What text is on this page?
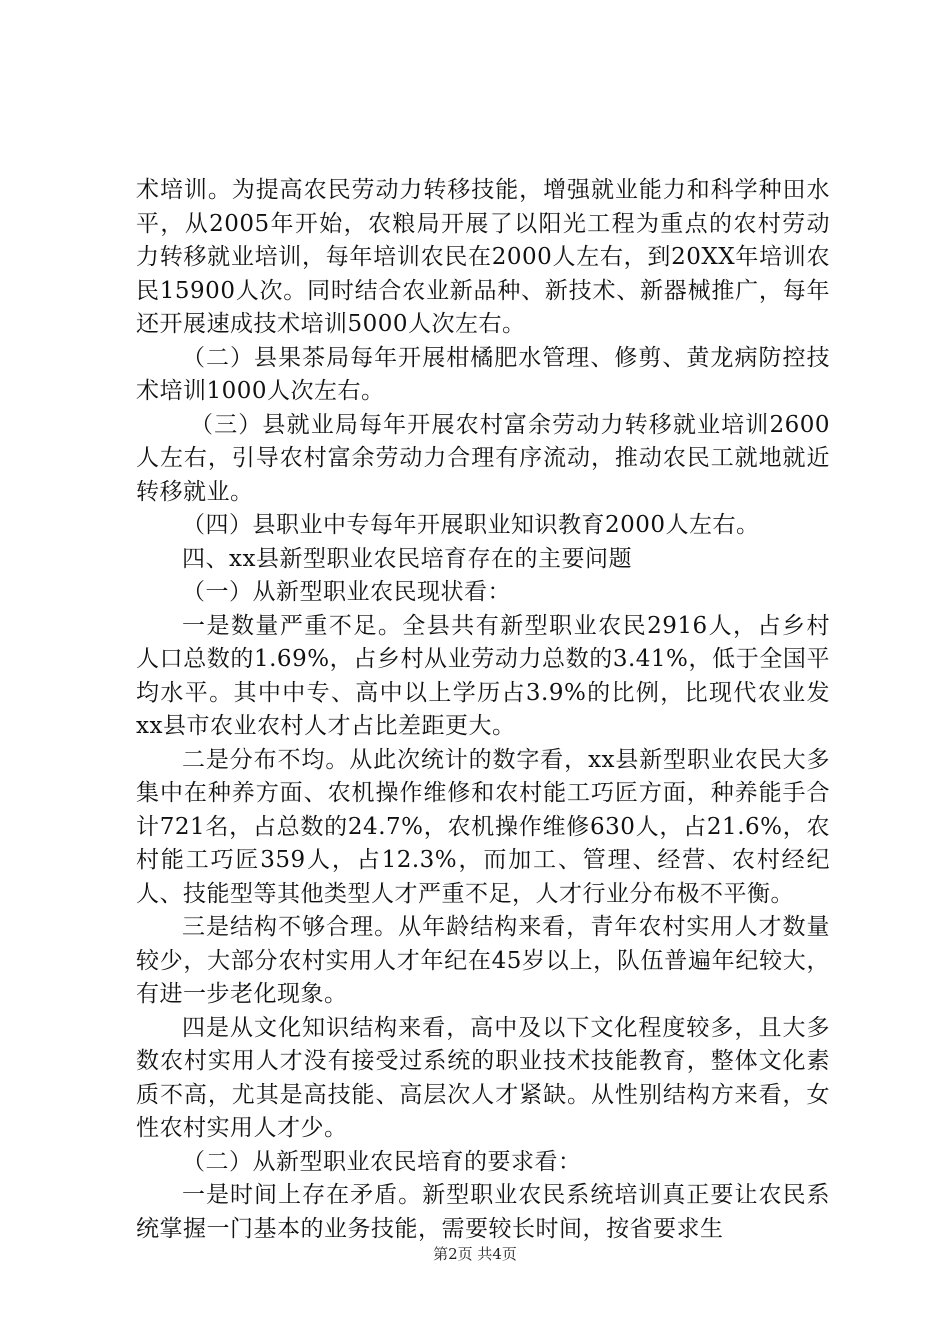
术培训。为提高农民劳动力转移技能，增强就业能力和科学种田水平，从2005年开始，农粮局开展了以阳光工程为重点的农村劳动力转移就业培训，每年培训农民在2000人左右，到20XX年培训农民15900人次。同时结合农业新品种、新技术、新器械推广，每年还开展速成技术培训5000人次左右。

（二）县果茶局每年开展柑橘肥水管理、修剪、黄龙病防控技术培训1000人次左右。

（三）县就业局每年开展农村富余劳动力转移就业培训2600人左右，引导农村富余劳动力合理有序流动，推动农民工就地就近转移就业。

（四）县职业中专每年开展职业知识教育2000人左右。

四、xx县新型职业农民培育存在的主要问题

（一）从新型职业农民现状看：

一是数量严重不足。全县共有新型职业农民2916人，占乡村人口总数的1.69%，占乡村从业劳动力总数的3.41%，低于全国平均水平。其中中专、高中以上学历占3.9%的比例，比现代农业发xx县市农业农村人才占比差距更大。

二是分布不均。从此次统计的数字看，xx县新型职业农民大多集中在种养方面、农机操作维修和农村能工巧匠方面，种养能手合计721名，占总数的24.7%，农机操作维修630人，占21.6%，农村能工巧匠359人，占12.3%，而加工、管理、经营、农村经纪人、技能型等其他类型人才严重不足，人才行业分布极不平衡。

三是结构不够合理。从年龄结构来看，青年农村实用人才数量较少，大部分农村实用人才年纪在45岁以上，队伍普遍年纪较大，有进一步老化现象。

四是从文化知识结构来看，高中及以下文化程度较多，且大多数农村实用人才没有接受过系统的职业技术技能教育，整体文化素质不高，尤其是高技能、高层次人才紧缺。从性别结构方来看，女性农村实用人才少。

（二）从新型职业农民培育的要求看：

一是时间上存在矛盾。新型职业农民系统培训真正要让农民系统掌握一门基本的业务技能，需要较长时间，按省要求生

第2页 共4页
